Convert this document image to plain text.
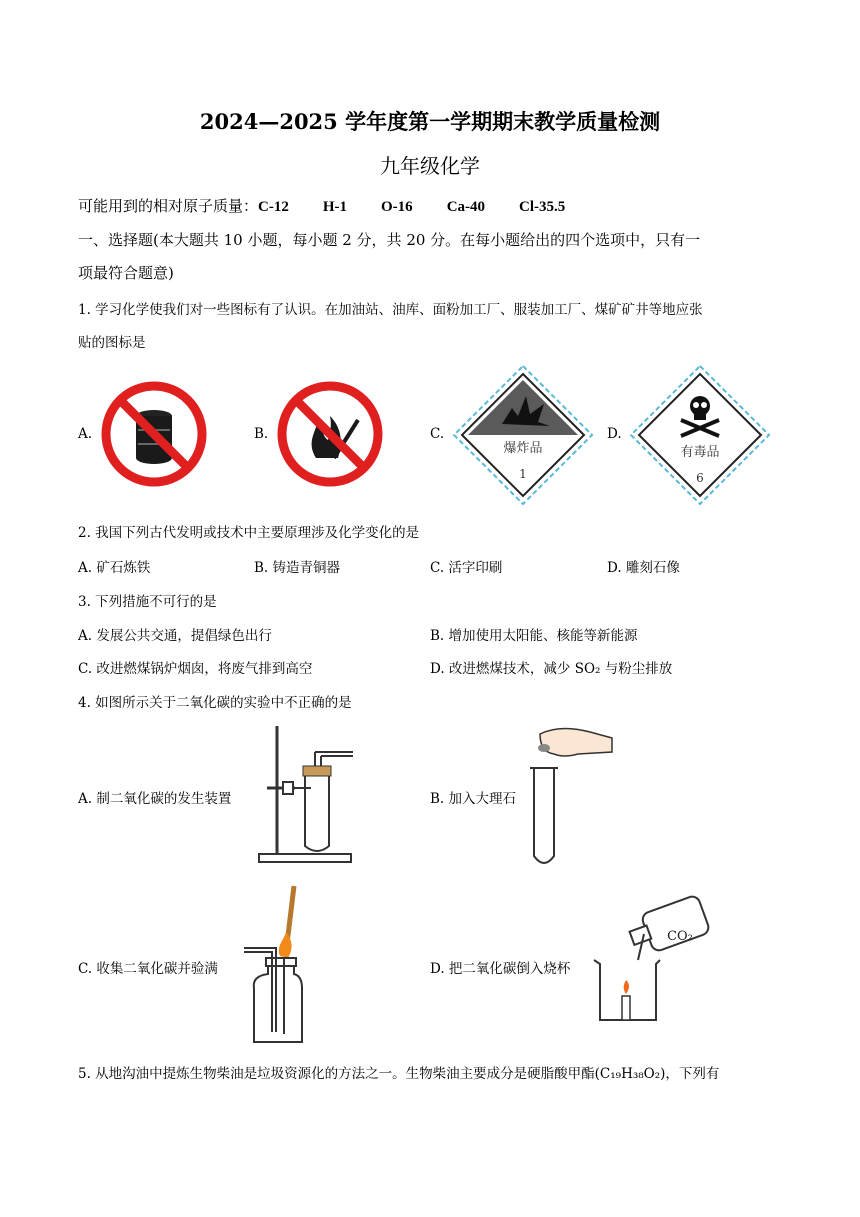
2024—2025 学年度第一学期期末教学质量检测
九年级化学
可能用到的相对原子质量：C-12 H-1 O-16 Ca-40 Cl-35.5
一、选择题(本大题共 10 小题，每小题 2 分，共 20 分。在每小题给出的四个选项中，只有一
项最符合题意)
1. 学习化学使我们对一些图标有了认识。在加油站、油库、面粉加工厂、服装加工厂、煤矿矿井等地应张
贴的图标是
A.	B.	C.	D.
爆炸品
1
有毒品
6
2. 我国下列古代发明或技术中主要原理涉及化学变化的是
A. 矿石炼铁	B. 铸造青铜器	C. 活字印刷	D. 雕刻石像
3. 下列措施不可行的是
A. 发展公共交通，提倡绿色出行	B. 增加使用太阳能、核能等新能源
C. 改进燃煤锅炉烟囱，将废气排到高空	D. 改进燃煤技术，减少 SO₂ 与粉尘排放
4. 如图所示关于二氧化碳的实验中不正确的是
A. 制二氧化碳的发生装置	B. 加入大理石
C. 收集二氧化碳并验满	D. 把二氧化碳倒入烧杯
CO₂
5. 从地沟油中提炼生物柴油是垃圾资源化的方法之一。生物柴油主要成分是硬脂酸甲酯(C₁₉H₃₈O₂)，下列有
